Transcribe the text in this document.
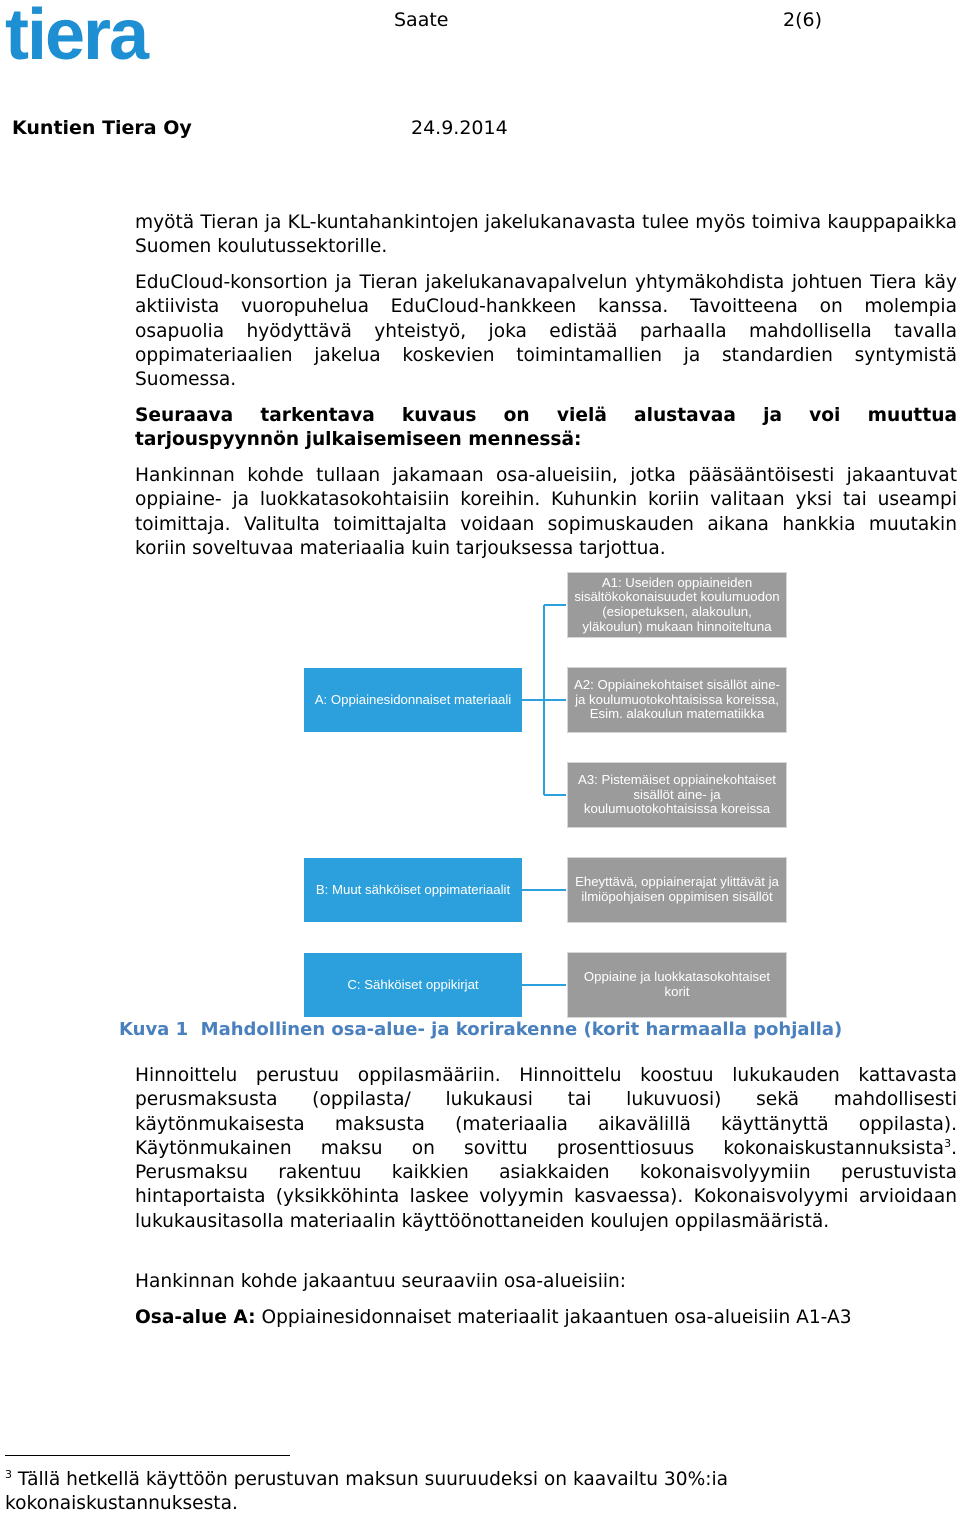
tiera	Saate	2(6)
Kuntien Tiera Oy	24.9.2014

myötä Tieran ja KL-kuntahankintojen jakelukanavasta tulee myös toimiva kauppapaikka Suomen koulutussektorille.

EduCloud-konsortion ja Tieran jakelukanavapalvelun yhtymäkohdista johtuen Tiera käy aktiivista vuoropuhelua EduCloud-hankkeen kanssa. Tavoitteena on molempia osapuolia hyödyttävä yhteistyö, joka edistää parhaalla mahdollisella tavalla oppimateriaalien jakelua koskevien toimintamallien ja standardien syntymistä Suomessa.

Seuraava tarkentava kuvaus on vielä alustavaa ja voi muuttua tarjouspyynnön julkaisemiseen mennessä:

Hankinnan kohde tullaan jakamaan osa-alueisiin, jotka pääsääntöisesti jakaantuvat oppiaine- ja luokkatasokohtaisiin koreihin. Kuhunkin koriin valitaan yksi tai useampi toimittaja. Valitulta toimittajalta voidaan sopimuskauden aikana hankkia muutakin koriin soveltuvaa materiaalia kuin tarjouksessa tarjottua.

A1: Useiden oppiaineiden sisältökokonaisuudet koulumuodon (esiopetuksen, alakoulun, yläkoulun) mukaan hinnoiteltuna
A: Oppiainesidonnaiset materiaali
A2: Oppiainekohtaiset sisällöt aine-ja koulumuotokohtaisissa koreissa, Esim. alakoulun matematiikka
A3: Pistemäiset oppiainekohtaiset sisällöt aine- ja koulumuotokohtaisissa koreissa
B: Muut sähköiset oppimateriaalit	Eheyttävä, oppiainerajat ylittävät ja ilmiöpohjaisen oppimisen sisällöt
C: Sähköiset oppikirjat	Oppiaine ja luokkatasokohtaiset korit
Kuva 1 Mahdollinen osa-alue- ja korirakenne (korit harmaalla pohjalla)

Hinnoittelu perustuu oppilasmääriin. Hinnoittelu koostuu lukukauden kattavasta perusmaksusta (oppilasta/ lukukausi tai lukuvuosi) sekä mahdollisesti käytönmukaisesta maksusta (materiaalia aikavälillä käyttänyttä oppilasta). Käytönmukainen maksu on sovittu prosenttiosuus kokonaiskustannuksista$^3$. Perusmaksu rakentuu kaikkien asiakkaiden kokonaisvolyymiin perustuvista hintaportaista (yksikköhinta laskee volyymin kasvaessa). Kokonaisvolyymi arvioidaan lukukausitasolla materiaalin käyttöönottaneiden koulujen oppilasmääristä.

Hankinnan kohde jakaantuu seuraaviin osa-alueisiin:

Osa-alue A: Oppiainesidonnaiset materiaalit jakaantuen osa-alueisiin A1-A3

$^3$ Tällä hetkellä käyttöön perustuvan maksun suuruudeksi on kaavailtu 30%:ia kokonaiskustannuksesta.
